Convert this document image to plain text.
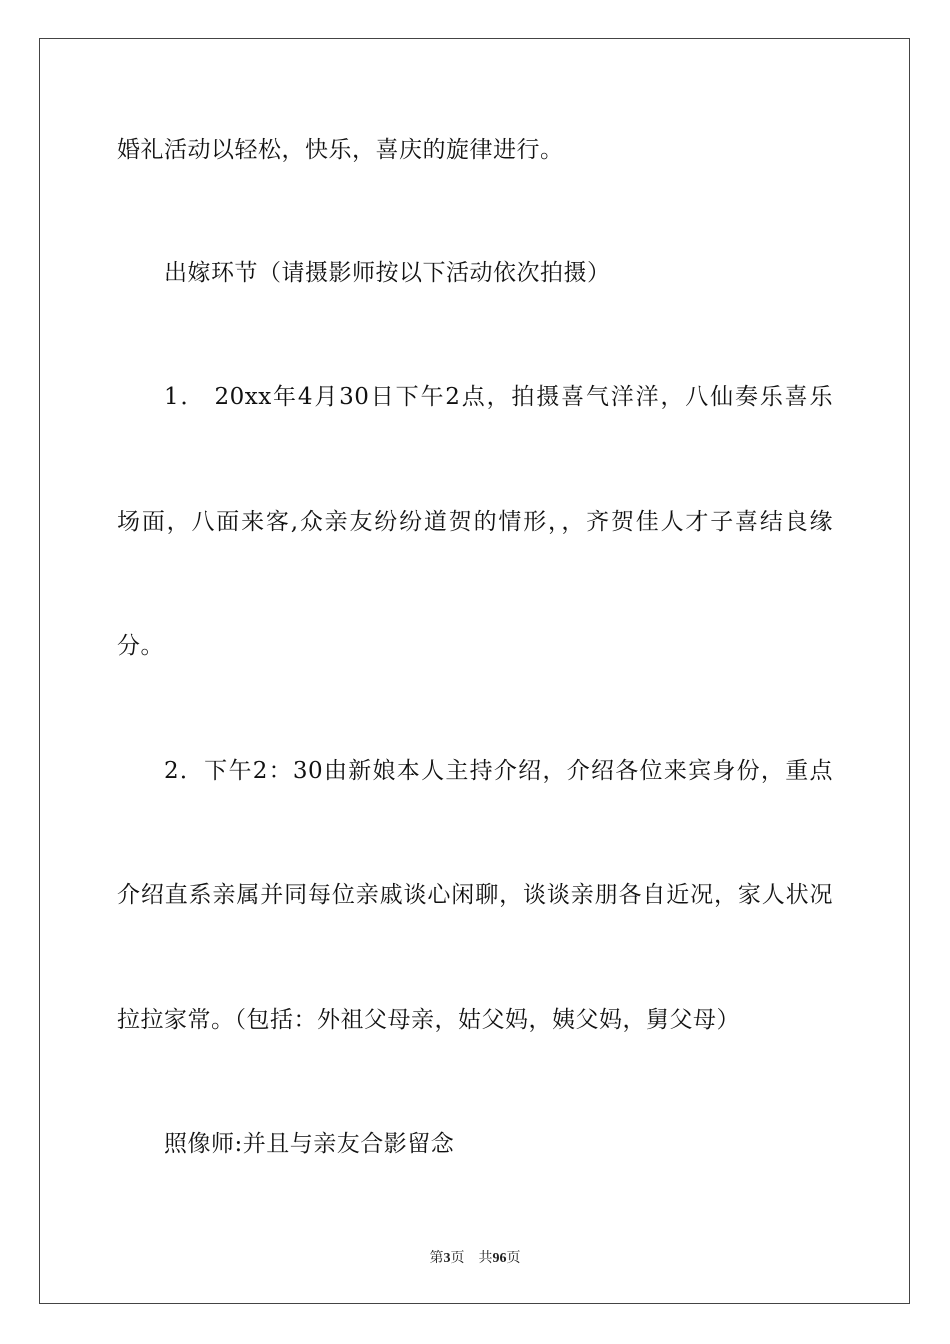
婚礼活动以轻松，快乐，喜庆的旋律进行。
出嫁环节（请摄影师按以下活动依次拍摄）
1． 20xx年4月30日下午2点，拍摄喜气洋洋，八仙奏乐喜乐
场面，八面来客,众亲友纷纷道贺的情形，，齐贺佳人才子喜结良缘
分。
2．下午2：30由新娘本人主持介绍，介绍各位来宾身份，重点
介绍直系亲属并同每位亲戚谈心闲聊，谈谈亲朋各自近况，家人状况
拉拉家常。（包括：外祖父母亲，姑父妈，姨父妈，舅父母）
照像师:并且与亲友合影留念
第3页 共96页
